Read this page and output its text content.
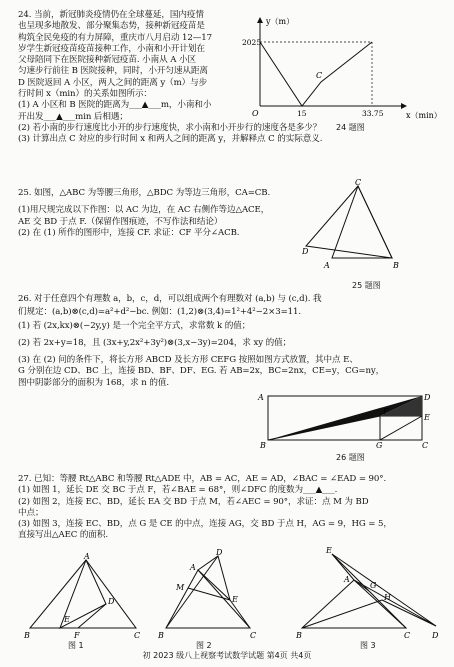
24. 当前，新冠肺炎疫情仍在全球蔓延，国内疫情
也呈现多地散发、部分聚集态势，接种新冠疫苗是
构筑全民免疫的有力屏障，重庆市八月启动 12—17
岁学生新冠疫苗疫苗接种工作，小南和小开计划在
父母陪同下在医院接种新冠疫苗. 小南从 A 小区
匀速步行前往 B 医院接种，同时，小开匀速从距离
D 医院返回 A 小区，两人之间的距离 y（m）与步
行时间 x（min）的关系如图所示：
(1) A 小区和 B 医院的距离为___▲___m，小南和小
开出发___▲___min 后相遇；
(2) 若小南的步行速度比小开的步行速度快，求小南和小开步行的速度各是多少？
(3) 计算出点 C 対应的步行时间 x 和两人之间的距离 y，并解释点 C 的实际意义.
y（m）
x（min）
O
2025
15	33.75
C
24 题图
25. 如图，△ABC 为等腰三角形，△BDC 为等边三角形，CA=CB.
(1)用尺规完成以下作图：以 AC 为边，在 AC 右侧作等边△ACE，
AE 交 BD 于点 F.（保留作图痕迹，不写作法和结论）
(2) 在 (1) 所作的图形中，连接 CF. 求证：CF 平分∠ACB.
C
D
A	B
25 题图
26. 对于任意四个有理数 a，b，c，d，可以组成两个有理数对 (a,b) 与 (c,d). 我
们规定：(a,b)⊗(c,d)=a²+d²−bc. 例如：(1,2)⊗(3,4)=1²+4²−2×3=11.
(1) 若 (2x,kx)⊗(−2y,y) 是一个完全平方式，求常数 k 的值；
(2) 若 2x+y=18，且 (3x+y,2x²+3y²)⊗(3,x−3y)=204，求 xy 的值；
(3) 在 (2) 问的条件下，将长方形 ABCD 及长方形 CEFG 按照如图方式放置，其中点 E、
G 分别在边 CD、BC 上，连接 BD、BF、DF、EG. 若 AB=2x，BC=2nx，CE=y，CG=ny，
图中阴影部分的面积为 168，求 n 的值.
A	D
F
E
B	G	C
26 题图
27. 已知：等腰 Rt△ABC 和等腰 Rt△ADE 中，AB = AC，AE = AD，∠BAC = ∠EAD = 90°.
(1) 如图 1，延长 DE 交 BC 于点 F，若∠BAE = 68°，则∠DFC 的度数为___▲___.
(2) 如图 2，连接 EC、BD，延长 EA 交 BD 于点 M，若∠AEC = 90°，求证：点 M 为 BD
中点；
(3) 如图 3，连接 EC、BD，点 G 是 CE 的中点，连接 AG，交 BD 于点 H，AG = 9，HG = 5，
直接写出△AEC 的面积.
A
D
B	F
E
C
图 1
D
A
M
E
B	C
图 2
E
G
H
A
B	D
C
图 3
初 2023 级八上视察考试数学试题 第4页 共4页
